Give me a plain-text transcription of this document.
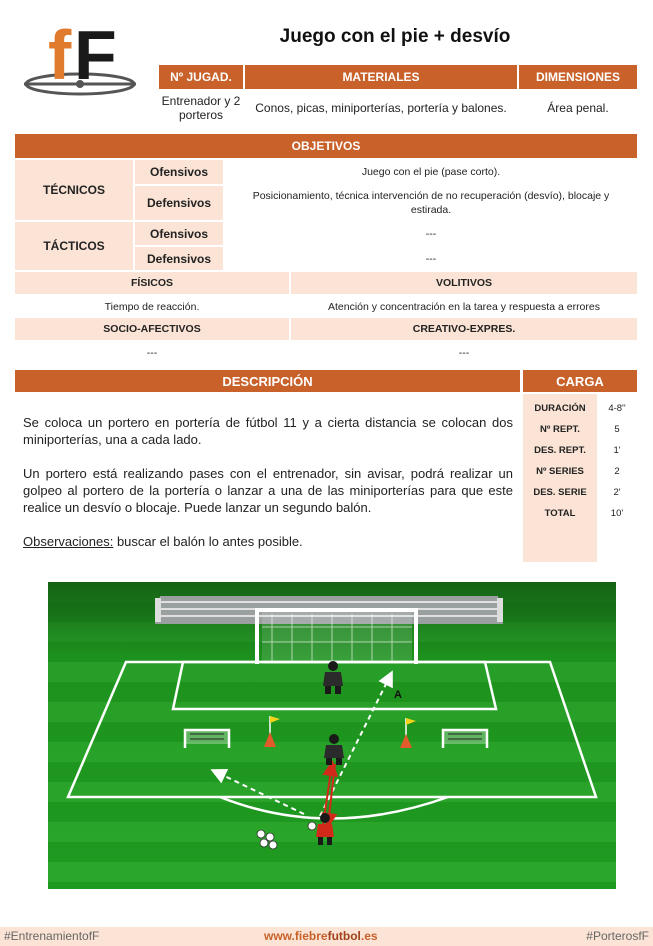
f F	Juego con el pie + desvío
Nº JUGAD.	MATERIALES	DIMENSIONES
Entrenador y 2 porteros	Conos, picas, miniporterías, portería y balones.	Área penal.
OBJETIVOS
TÉCNICOS
Ofensivos	Juego con el pie (pase corto).
Defensivos	Posicionamiento, técnica intervención de no recuperación (desvío), blocaje y estirada.
TÁCTICOS
Ofensivos	---
Defensivos	---
FÍSICOS	VOLITIVOS
Tiempo de reacción.	Atención y concentración en la tarea y respuesta a errores
SOCIO-AFECTIVOS	CREATIVO-EXPRES.
---	---
DESCRIPCIÓN	CARGA

Se coloca un portero en portería de fútbol 11 y a cierta distancia se colocan dos miniporterías, una a cada lado.

Un portero está realizando pases con el entrenador, sin avisar, podrá realizar un golpeo al portero de la portería o lanzar a una de las miniporterías para que este realice un desvío o blocaje. Puede lanzar un segundo balón.

Observaciones: buscar el balón lo antes posible.

DURACIÓN	4-8''
Nº REPT.	5
DES. REPT.	1'
Nº SERIES	2
DES. SERIE	2'
TOTAL	10'
A
#EntrenamientofF	www.fiebrefutbol.es	#PorterosfF
